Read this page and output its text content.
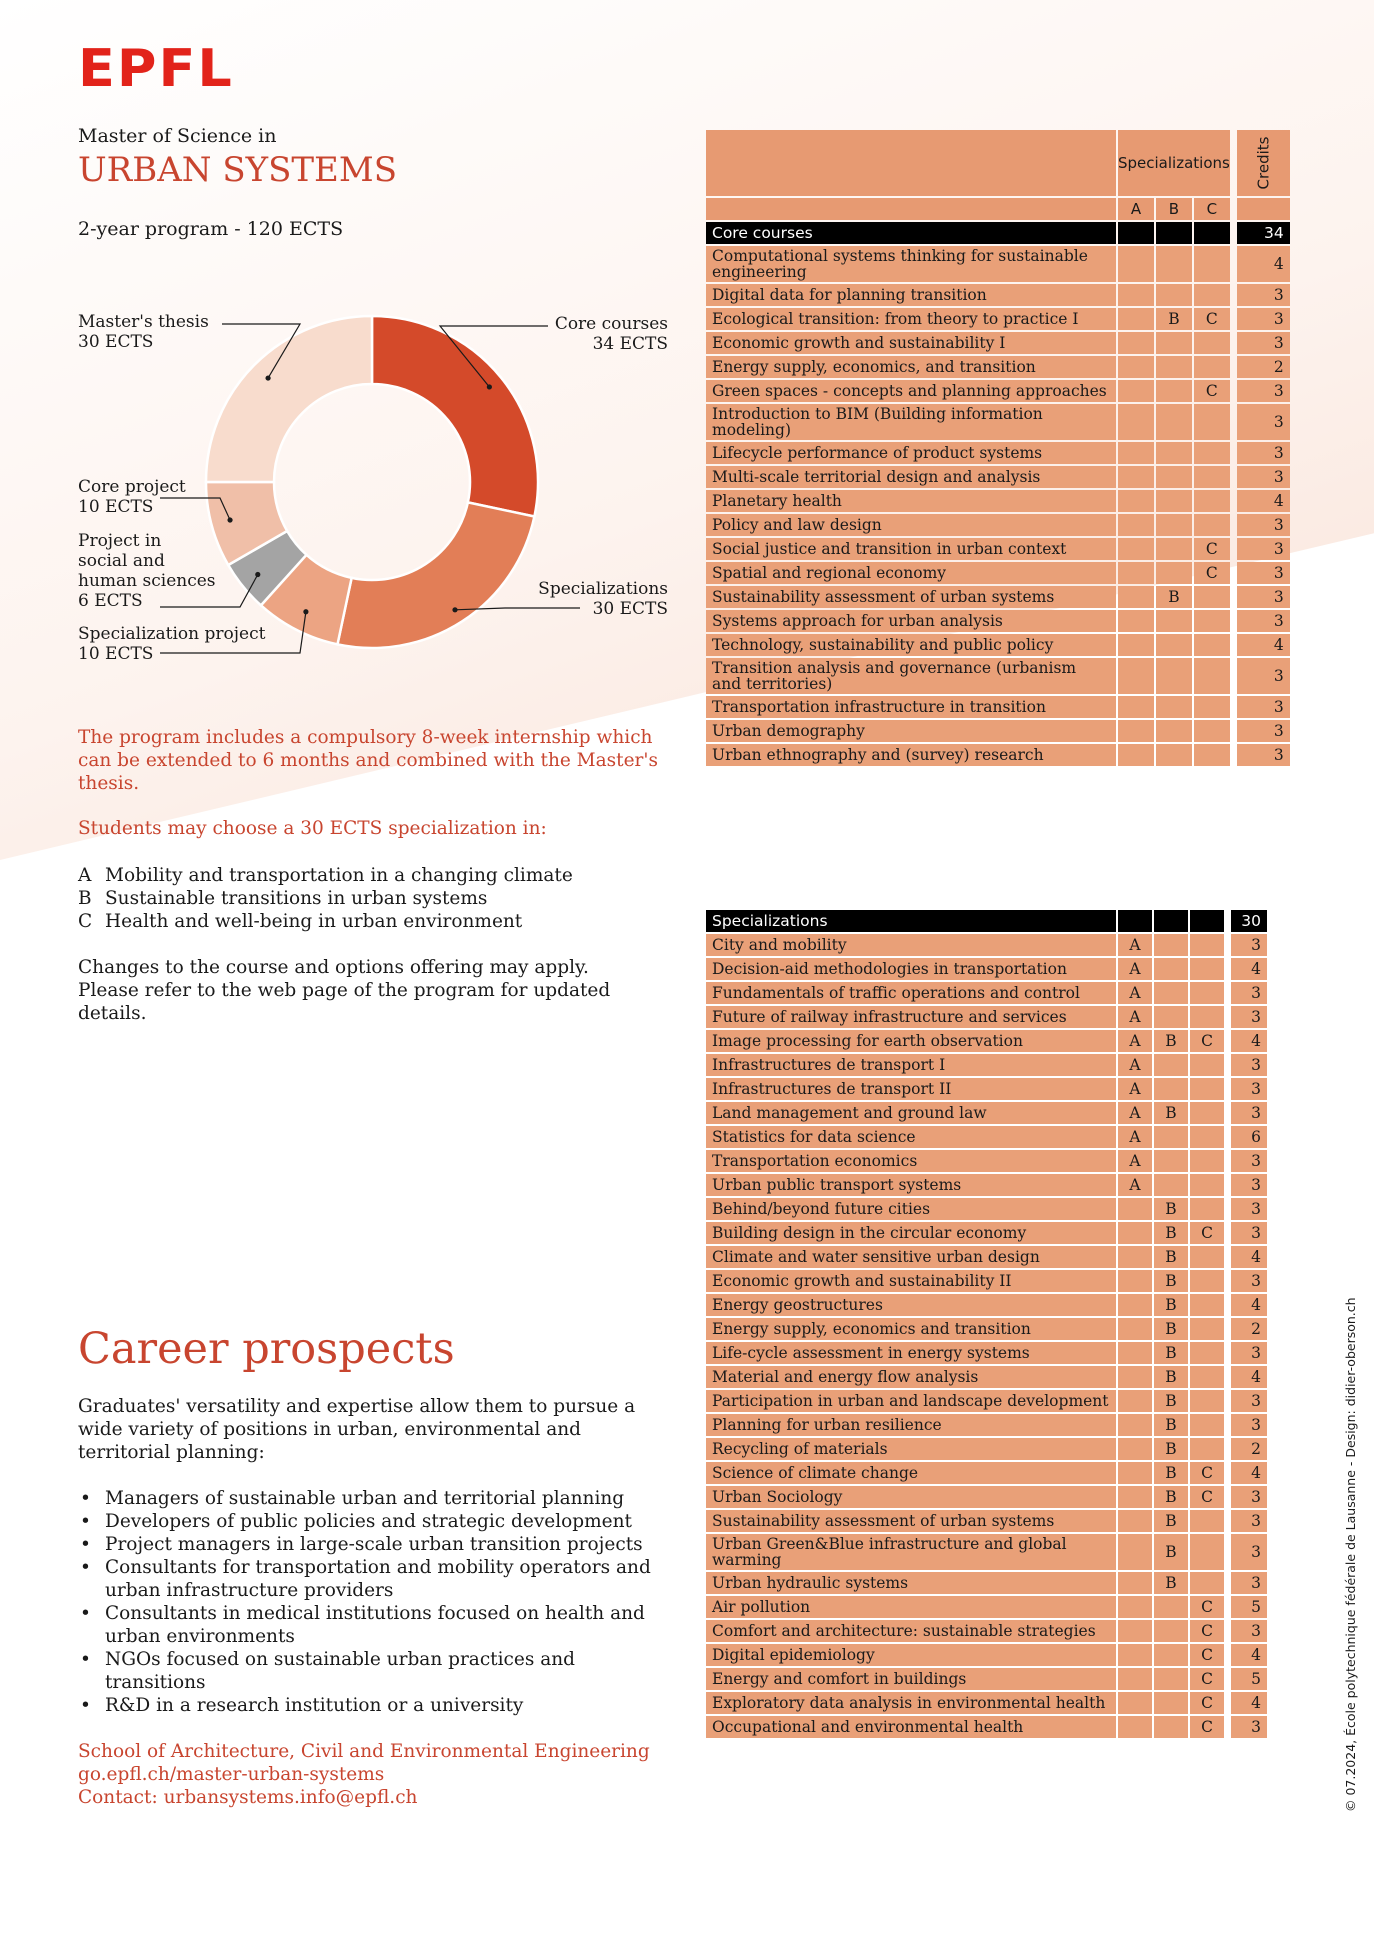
EPFL
Master of Science in
URBAN SYSTEMS
2-year program - 120 ECTS
Core courses
34 ECTS
Specializations
30 ECTS
Specialization project
10 ECTS
Project in
social and
human sciences
6 ECTS
Core project
10 ECTS
Master's thesis
30 ECTS
The program includes a compulsory 8-week internship which can be extended to 6 months and combined with the Master's thesis.
Students may choose a 30 ECTS specialization in:
A Mobility and transportation in a changing climate
B Sustainable transitions in urban systems
C Health and well-being in urban environment
Changes to the course and options offering may apply. Please refer to the web page of the program for updated details.
Career prospects
Graduates' versatility and expertise allow them to pursue a wide variety of positions in urban, environmental and territorial planning:
• Managers of sustainable urban and territorial planning
• Developers of public policies and strategic development
• Project managers in large-scale urban transition projects
• Consultants for transportation and mobility operators and urban infrastructure providers
• Consultants in medical institutions focused on health and urban environments
• NGOs focused on sustainable urban practices and transitions
• R&D in a research institution or a university
School of Architecture, Civil and Environmental Engineering
go.epfl.ch/master-urban-systems
Contact: urbansystems.info@epfl.ch	© 07.2024, École polytechnique fédérale de Lausanne - Design: didier-oberson.ch
	Specializations				Credits
	A	B	C		
Core courses					34
Computational systems thinking for sustainable engineering					4
Digital data for planning transition					3
Ecological transition: from theory to practice I		B	C		3
Economic growth and sustainability I					3
Energy supply, economics, and transition					2
Green spaces - concepts and planning approaches			C		3
Introduction to BIM (Building information modeling)					3
Lifecycle performance of product systems					3
Multi-scale territorial design and analysis					3
Planetary health					4
Policy and law design					3
Social justice and transition in urban context			C		3
Spatial and regional economy			C		3
Sustainability assessment of urban systems		B			3
Systems approach for urban analysis					3
Technology, sustainability and public policy					4
Transition analysis and governance (urbanism and territories)					3
Transportation infrastructure in transition					3
Urban demography					3
Urban ethnography and (survey) research					3
Specializations					30
City and mobility	A				3
Decision-aid methodologies in transportation	A				4
Fundamentals of traffic operations and control	A				3
Future of railway infrastructure and services	A				3
Image processing for earth observation	A	B	C		4
Infrastructures de transport I	A				3
Infrastructures de transport II	A				3
Land management and ground law	A	B			3
Statistics for data science	A				6
Transportation economics	A				3
Urban public transport systems	A				3
Behind/beyond future cities		B			3
Building design in the circular economy		B	C		3
Climate and water sensitive urban design		B			4
Economic growth and sustainability II		B			3
Energy geostructures		B			4
Energy supply, economics and transition		B			2
Life-cycle assessment in energy systems		B			3
Material and energy flow analysis		B			4
Participation in urban and landscape development		B			3
Planning for urban resilience		B			3
Recycling of materials		B			2
Science of climate change		B	C		4
Urban Sociology		B	C		3
Sustainability assessment of urban systems		B			3
Urban Green&Blue infrastructure and global warming		B			3
Urban hydraulic systems		B			3
Air pollution			C		5
Comfort and architecture: sustainable strategies			C		3
Digital epidemiology			C		4
Energy and comfort in buildings			C		5
Exploratory data analysis in environmental health			C		4
Occupational and environmental health			C		3
